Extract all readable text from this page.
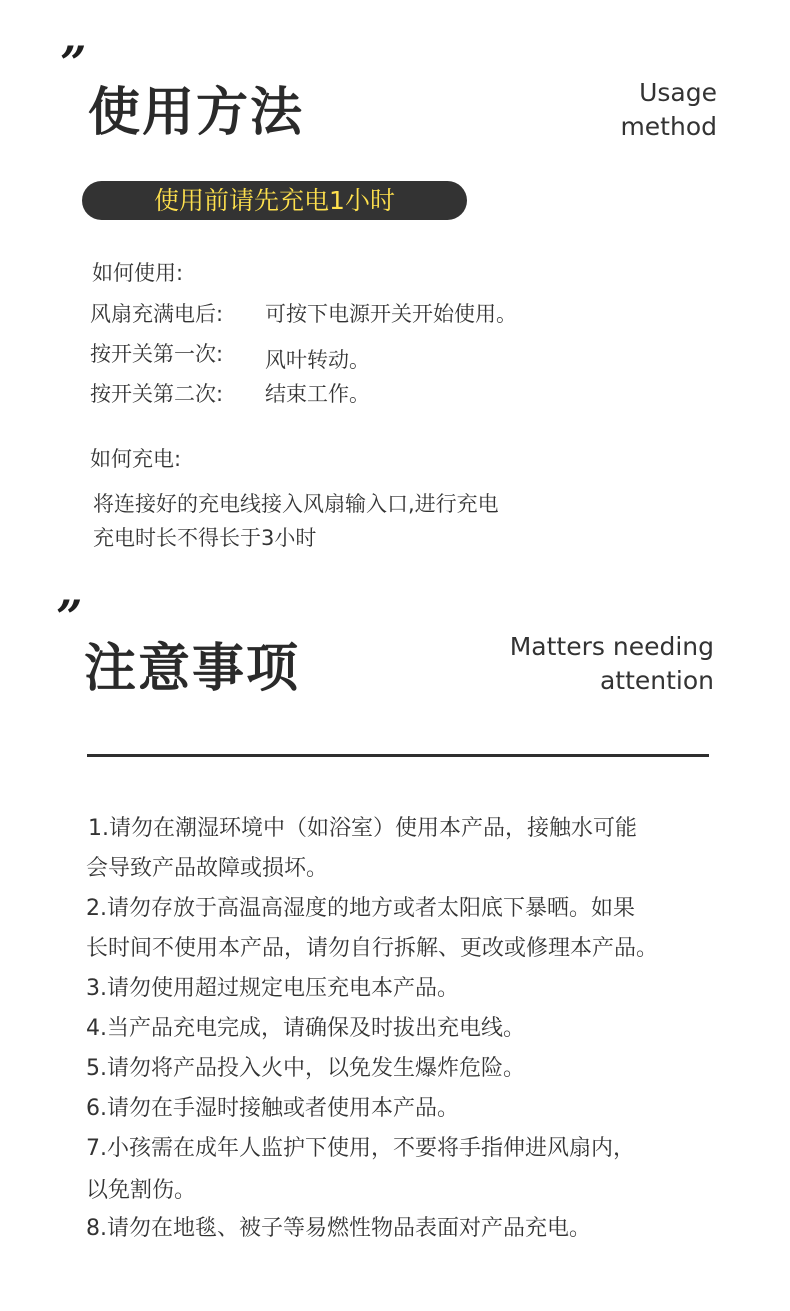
”
使用方法	Usage
method
使用前请先充电1小时
如何使用:
风扇充满电后: 可按下电源开关开始使用。
按开关第一次: 风叶转动。
按开关第二次: 结束工作。
如何充电:
将连接好的充电线接入风扇输入口,进行充电
充电时长不得长于3小时
”
注意事项	Matters needing
attention
1.请勿在潮湿环境中（如浴室）使用本产品，接触水可能
会导致产品故障或损坏。
2.请勿存放于高温高湿度的地方或者太阳底下暴晒。如果
长时间不使用本产品，请勿自行拆解、更改或修理本产品。
3.请勿使用超过规定电压充电本产品。
4.当产品充电完成，请确保及时拔出充电线。
5.请勿将产品投入火中，以免发生爆炸危险。
6.请勿在手湿时接触或者使用本产品。
7.小孩需在成年人监护下使用，不要将手指伸进风扇内，
以免割伤。
8.请勿在地毯、被子等易燃性物品表面对产品充电。
